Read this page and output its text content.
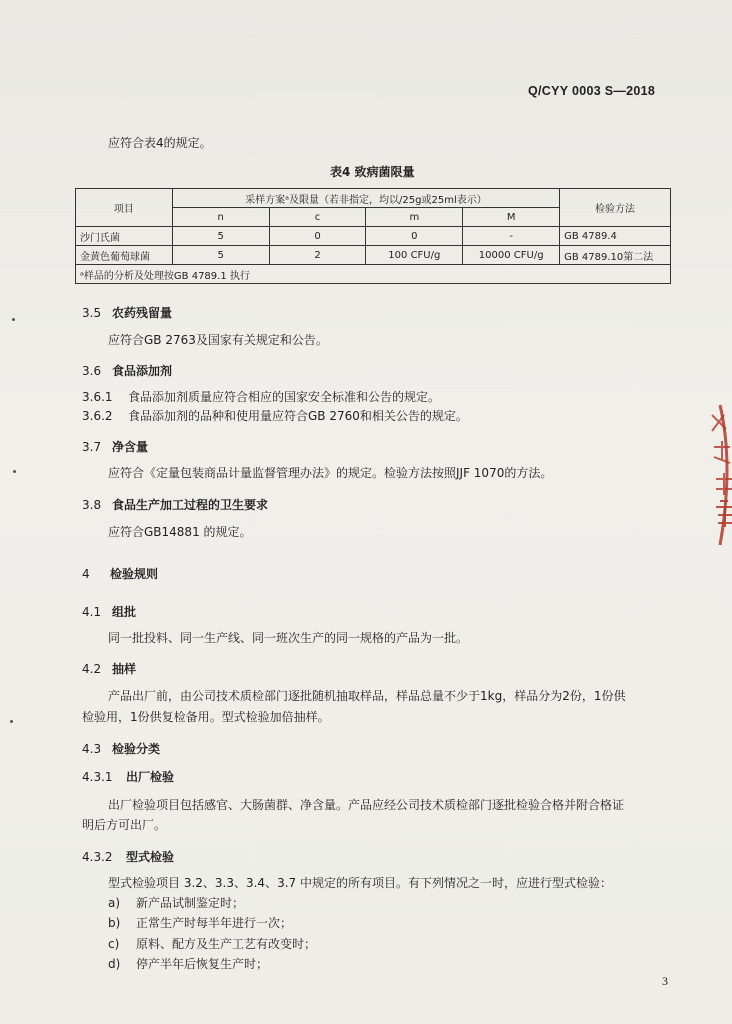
Q/CYY 0003 S—2018
应符合表4的规定。
表4 致病菌限量
项目	采样方案ᵃ及限量（若非指定，均以/25g或25ml表示）				检验方法
	n	c	m	M	
沙门氏菌	5	0	0	-	GB 4789.4
金黄色葡萄球菌	5	2	100 CFU/g	10000 CFU/g	GB 4789.10第二法
ᵃ样品的分析及处理按GB 4789.1 执行					
3.5 农药残留量
应符合GB 2763及国家有关规定和公告。
3.6 食品添加剂
3.6.1 食品添加剂质量应符合相应的国家安全标准和公告的规定。
3.6.2 食品添加剂的品种和使用量应符合GB 2760和相关公告的规定。
3.7 净含量
应符合《定量包装商品计量监督管理办法》的规定。检验方法按照JJF 1070的方法。
3.8 食品生产加工过程的卫生要求
应符合GB14881 的规定。
4 检验规则
4.1 组批
同一批投料、同一生产线、同一班次生产的同一规格的产品为一批。
4.2 抽样
产品出厂前，由公司技术质检部门逐批随机抽取样品，样品总量不少于1kg，样品分为2份，1份供
检验用，1份供复检备用。型式检验加倍抽样。
4.3 检验分类
4.3.1 出厂检验
出厂检验项目包括感官、大肠菌群、净含量。产品应经公司技术质检部门逐批检验合格并附合格证
明后方可出厂。
4.3.2 型式检验
型式检验项目 3.2、3.3、3.4、3.7 中规定的所有项目。有下列情况之一时，应进行型式检验：
a) 新产品试制鉴定时；
b) 正常生产时每半年进行一次；
c) 原料、配方及生产工艺有改变时；
d) 停产半年后恢复生产时；
3
